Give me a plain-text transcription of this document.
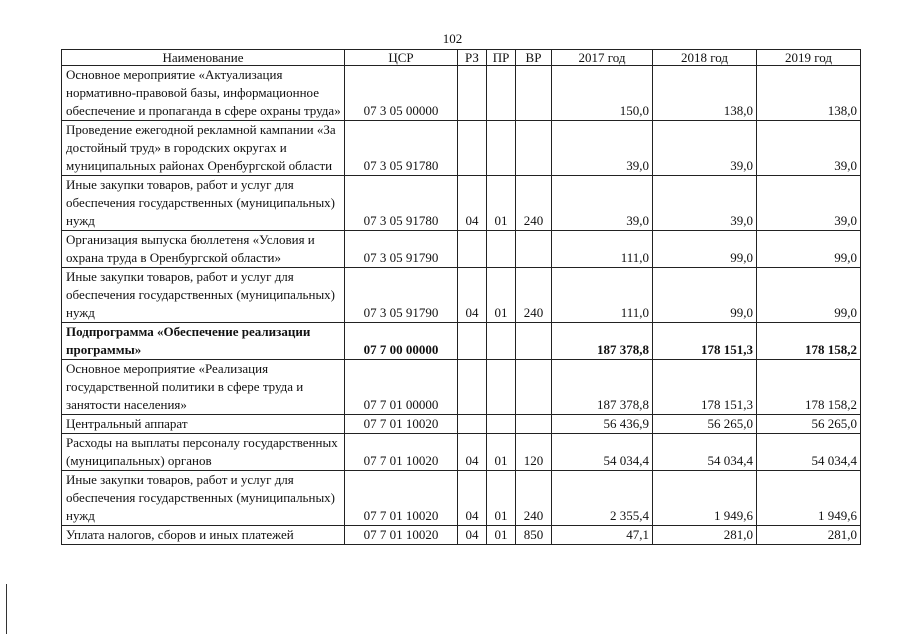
102
Наименование	ЦСР	РЗ	ПР	ВР	2017 год	2018 год	2019 год
Основное мероприятие «Актуализация нормативно-правовой базы, информационное обеспечение и пропаганда в сфере охраны труда»	07 3 05 00000				150,0	138,0	138,0
Проведение ежегодной рекламной кампании «За достойный труд» в городских округах и муниципальных районах Оренбургской области	07 3 05 91780				39,0	39,0	39,0
Иные закупки товаров, работ и услуг для обеспечения государственных (муниципальных) нужд	07 3 05 91780	04	01	240	39,0	39,0	39,0
Организация выпуска бюллетеня «Условия и охрана труда в Оренбургской области»	07 3 05 91790				111,0	99,0	99,0
Иные закупки товаров, работ и услуг для обеспечения государственных (муниципальных) нужд	07 3 05 91790	04	01	240	111,0	99,0	99,0
Подпрограмма «Обеспечение реализации программы»	07 7 00 00000				187 378,8	178 151,3	178 158,2
Основное мероприятие «Реализация государственной политики в сфере труда и занятости населения»	07 7 01 00000				187 378,8	178 151,3	178 158,2
Центральный аппарат	07 7 01 10020				56 436,9	56 265,0	56 265,0
Расходы на выплаты персоналу государственных (муниципальных) органов	07 7 01 10020	04	01	120	54 034,4	54 034,4	54 034,4
Иные закупки товаров, работ и услуг для обеспечения государственных (муниципальных) нужд	07 7 01 10020	04	01	240	2 355,4	1 949,6	1 949,6
Уплата налогов, сборов и иных платежей	07 7 01 10020	04	01	850	47,1	281,0	281,0
